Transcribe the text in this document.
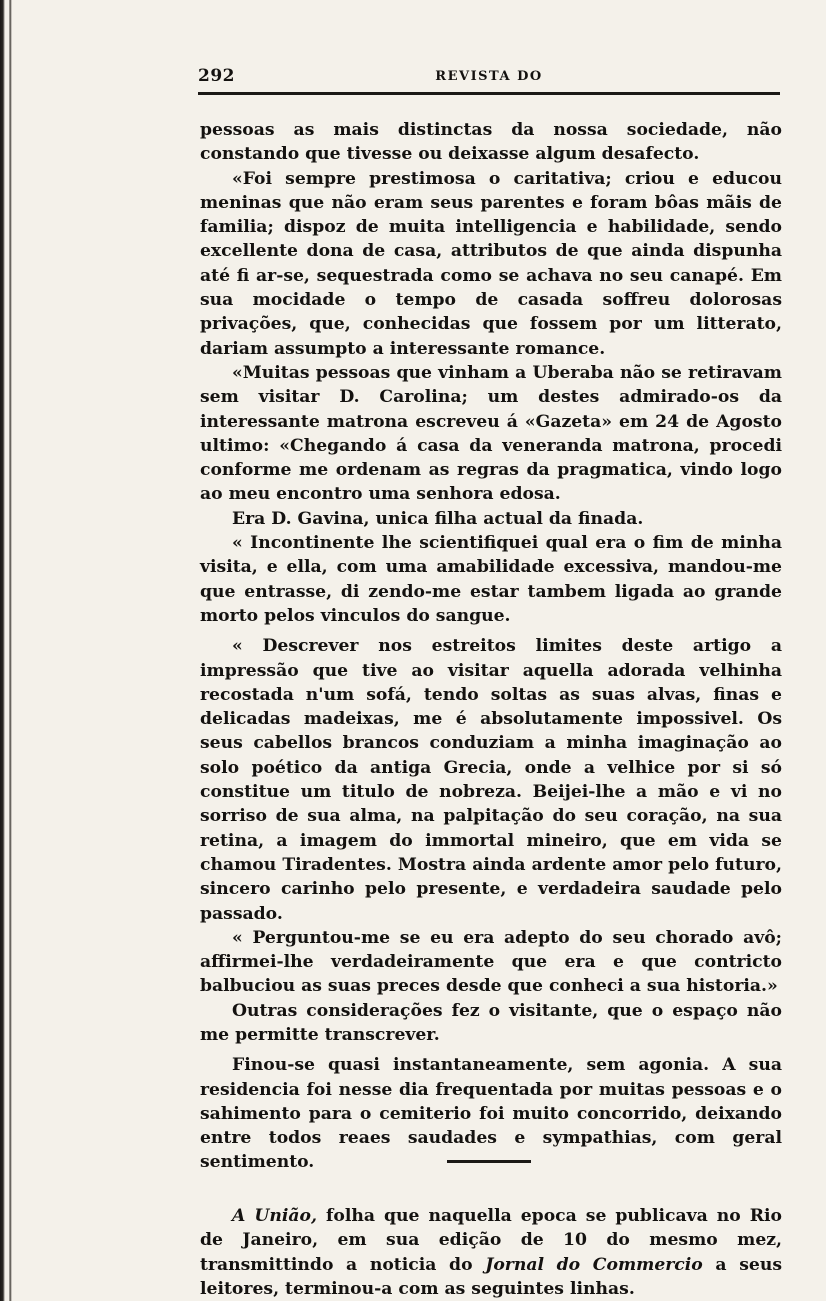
292	REVISTA DO

pessoas as mais distinctas da nossa sociedade, não constando que tivesse ou deixasse algum desafecto.

«Foi sempre prestimosa o caritativa; criou e educou meninas que não eram seus parentes e foram bôas mãis de familia; dispoz de muita intelligencia e habilidade, sendo excellente dona de casa, attributos de que ainda dispunha até fi ar-se, sequestrada como se achava no seu canapé. Em sua mocidade o tempo de casada soffreu dolorosas privações, que, conhecidas que fossem por um litterato, dariam assumpto a interessante romance.

«Muitas pessoas que vinham a Uberaba não se retiravam sem visitar D. Carolina; um destes admirado-os da interessante matrona escreveu á «Gazeta» em 24 de Agosto ultimo: «Chegando á casa da veneranda matrona, procedi conforme me ordenam as regras da pragmatica, vindo logo ao meu encontro uma senhora edosa.

Era D. Gavina, unica filha actual da finada.

« Incontinente lhe scientifiquei qual era o fim de minha visita, e ella, com uma amabilidade excessiva, mandou-me que entrasse, di zendo-me estar tambem ligada ao grande morto pelos vinculos do sangue.

« Descrever nos estreitos limites deste artigo a impressão que tive ao visitar aquella adorada velhinha recostada n'um sofá, tendo soltas as suas alvas, finas e delicadas madeixas, me é absolutamente impossivel. Os seus cabellos brancos conduziam a minha imaginação ao solo poético da antiga Grecia, onde a velhice por si só constitue um titulo de nobreza. Beijei-lhe a mão e vi no sorriso de sua alma, na palpitação do seu coração, na sua retina, a imagem do immortal mineiro, que em vida se chamou Tiradentes. Mostra ainda ardente amor pelo futuro, sincero carinho pelo presente, e verdadeira saudade pelo passado.

« Perguntou-me se eu era adepto do seu chorado avô; affirmei-lhe verdadeiramente que era e que contricto balbuciou as suas preces desde que conheci a sua historia.»

Outras considerações fez o visitante, que o espaço não me permitte transcrever.

Finou-se quasi instantaneamente, sem agonia. A sua residencia foi nesse dia frequentada por muitas pessoas e o sahimento para o cemiterio foi muito concorrido, deixando entre todos reaes saudades e sympathias, com geral sentimento.

A União, folha que naquella epoca se publicava no Rio de Janeiro, em sua edição de 10 do mesmo mez, transmittindo a noticia do Jornal do Commercio a seus leitores, terminou-a com as seguintes linhas.
